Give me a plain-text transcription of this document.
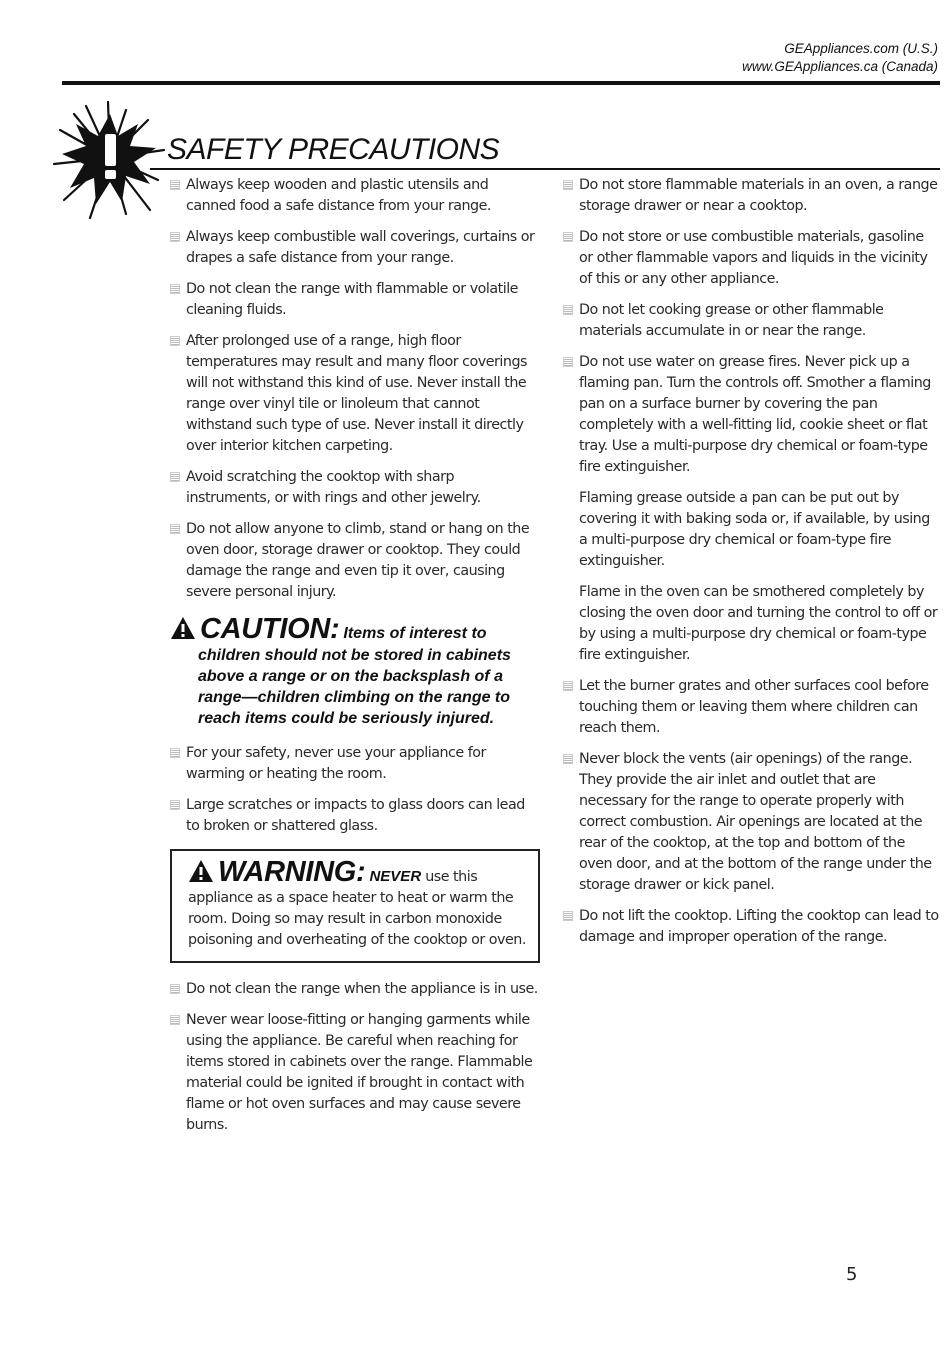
GEAppliances.com (U.S.)
www.GEAppliances.ca (Canada)
SAFETY PRECAUTIONS
Always keep wooden and plastic utensils and canned food a safe distance from your range.
Always keep combustible wall coverings, curtains or drapes a safe distance from your range.
Do not clean the range with flammable or volatile cleaning fluids.
After prolonged use of a range, high floor temperatures may result and many floor coverings will not withstand this kind of use. Never install the range over vinyl tile or linoleum that cannot withstand such type of use. Never install it directly over interior kitchen carpeting.
Avoid scratching the cooktop with sharp instruments, or with rings and other jewelry.
Do not allow anyone to climb, stand or hang on the oven door, storage drawer or cooktop. They could damage the range and even tip it over, causing severe personal injury.
CAUTION: Items of interest to
children should not be stored in cabinets above a range or on the backsplash of a range—children climbing on the range to reach items could be seriously injured.
For your safety, never use your appliance for warming or heating the room.
Large scratches or impacts to glass doors can lead to broken or shattered glass.
WARNING: NEVER use this appliance as a space heater to heat or warm the room. Doing so may result in carbon monoxide poisoning and overheating of the cooktop or oven.
Do not clean the range when the appliance is in use.
Never wear loose-fitting or hanging garments while using the appliance. Be careful when reaching for items stored in cabinets over the range. Flammable material could be ignited if brought in contact with flame or hot oven surfaces and may cause severe burns.
Do not store flammable materials in an oven, a range storage drawer or near a cooktop.
Do not store or use combustible materials, gasoline or other flammable vapors and liquids in the vicinity of this or any other appliance.
Do not let cooking grease or other flammable materials accumulate in or near the range.
Do not use water on grease fires. Never pick up a flaming pan. Turn the controls off. Smother a flaming pan on a surface burner by covering the pan completely with a well-fitting lid, cookie sheet or flat tray. Use a multi-purpose dry chemical or foam-type fire extinguisher.
Flaming grease outside a pan can be put out by covering it with baking soda or, if available, by using a multi-purpose dry chemical or foam-type fire extinguisher.
Flame in the oven can be smothered completely by closing the oven door and turning the control to off or by using a multi-purpose dry chemical or foam-type fire extinguisher.
Let the burner grates and other surfaces cool before touching them or leaving them where children can reach them.
Never block the vents (air openings) of the range. They provide the air inlet and outlet that are necessary for the range to operate properly with correct combustion. Air openings are located at the rear of the cooktop, at the top and bottom of the oven door, and at the bottom of the range under the storage drawer or kick panel.
Do not lift the cooktop. Lifting the cooktop can lead to damage and improper operation of the range.
5
